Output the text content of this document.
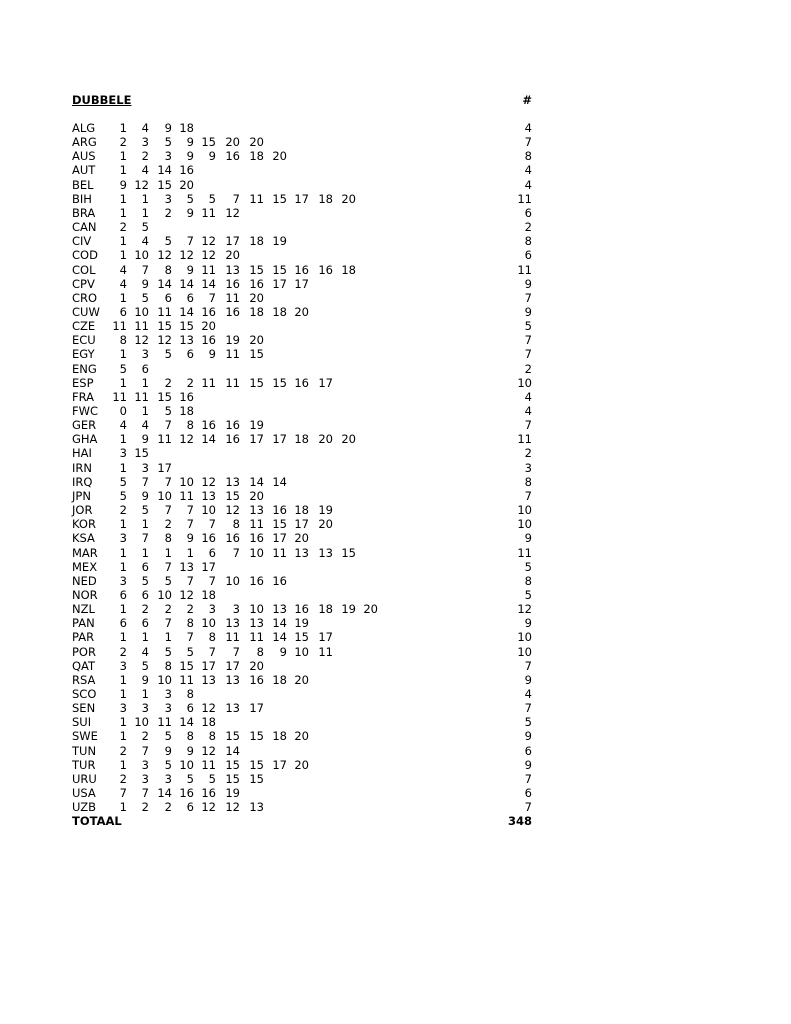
DUBBELE	#
ALG	1	4	9 18	4
ARG	2	3	5	9 15 20 20	7
AUS	1	2	3	9	9 16 18 20	8
AUT	1	4 14 16	4
BEL	9 12 15 20	4
BIH	1	1	3	5	5	7 11 15 17 18 20	11
BRA	1	1	2	9 11 12	6
CAN	2	5	2
CIV	1	4	5	7 12 17 18 19	8
COD	1 10 12 12 12 20	6
COL	4	7	8	9 11 13 15 15 16 16 18	11
CPV	4	9 14 14 14 16 16 17 17	9
CRO	1	5	6	6	7 11 20	7
CUW	6 10 11 14 16 16 18 18 20	9
CZE	11 11 15 15 20	5
ECU	8 12 12 13 16 19 20	7
EGY	1	3	5	6	9 11 15	7
ENG	5	6	2
ESP	1	1	2	2 11 11 15 15 16 17	10
FRA	11 11 15 16	4
FWC	0	1	5 18	4
GER	4	4	7	8 16 16 19	7
GHA	1	9 11 12 14 16 17 17 18 20 20	11
HAI	3 15	2
IRN	1	3 17	3
IRQ	5	7	7 10 12 13 14 14	8
JPN	5	9 10 11 13 15 20	7
JOR	2	5	7	7 10 12 13 16 18 19	10
KOR	1	1	2	7	7	8 11 15 17 20	10
KSA	3	7	8	9 16 16 16 17 20	9
MAR	1	1	1	1	6	7 10 11 13 13 15	11
MEX	1	6	7 13 17	5
NED	3	5	5	7	7 10 16 16	8
NOR	6	6 10 12 18	5
NZL	1	2	2	2	3	3 10 13 16 18 19 20	12
PAN	6	6	7	8 10 13 13 14 19	9
PAR	1	1	1	7	8 11 11 14 15 17	10
POR	2	4	5	5	7	7	8	9 10 11	10
QAT	3	5	8 15 17 17 20	7
RSA	1	9 10 11 13 13 16 18 20	9
SCO	1	1	3	8	4
SEN	3	3	3	6 12 13 17	7
SUI	1 10 11 14 18	5
SWE	1	2	5	8	8 15 15 18 20	9
TUN	2	7	9	9 12 14	6
TUR	1	3	5 10 11 15 15 17 20	9
URU	2	3	3	5	5 15 15	7
USA	7	7 14 16 16 19	6
UZB	1	2	2	6 12 12 13	7
TOTAAL	348
